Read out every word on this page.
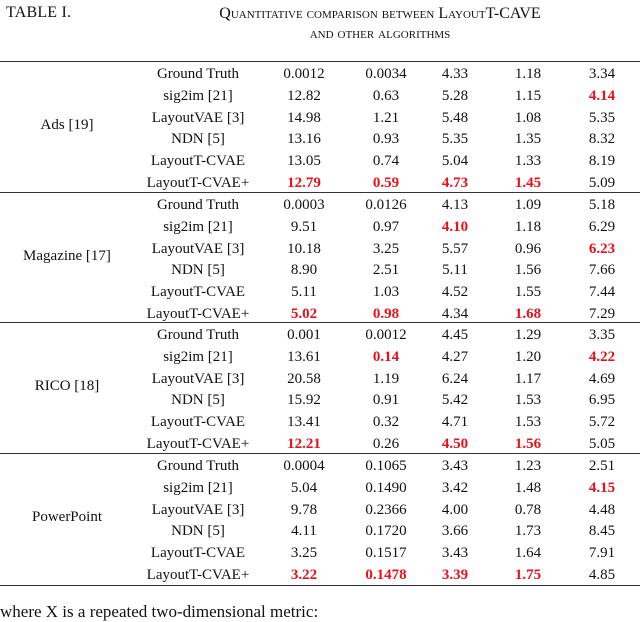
TABLE I.	Quantitative comparison between LayoutT-CAVE
and other algorithms
Ads [19]
Ground Truth	0.0012	0.0034	4.33	1.18	3.34
sig2im [21]	12.82	0.63	5.28	1.15	4.14
LayoutVAE [3]	14.98	1.21	5.48	1.08	5.35
NDN [5]	13.16	0.93	5.35	1.35	8.32
LayoutT-CVAE	13.05	0.74	5.04	1.33	8.19
LayoutT-CVAE+	12.79	0.59	4.73	1.45	5.09
Magazine [17]
Ground Truth	0.0003	0.0126	4.13	1.09	5.18
sig2im [21]	9.51	0.97	4.10	1.18	6.29
LayoutVAE [3]	10.18	3.25	5.57	0.96	6.23
NDN [5]	8.90	2.51	5.11	1.56	7.66
LayoutT-CVAE	5.11	1.03	4.52	1.55	7.44
LayoutT-CVAE+	5.02	0.98	4.34	1.68	7.29
RICO [18]
Ground Truth	0.001	0.0012	4.45	1.29	3.35
sig2im [21]	13.61	0.14	4.27	1.20	4.22
LayoutVAE [3]	20.58	1.19	6.24	1.17	4.69
NDN [5]	15.92	0.91	5.42	1.53	6.95
LayoutT-CVAE	13.41	0.32	4.71	1.53	5.72
LayoutT-CVAE+	12.21	0.26	4.50	1.56	5.05
PowerPoint
Ground Truth	0.0004	0.1065	3.43	1.23	2.51
sig2im [21]	5.04	0.1490	3.42	1.48	4.15
LayoutVAE [3]	9.78	0.2366	4.00	0.78	4.48
NDN [5]	4.11	0.1720	3.66	1.73	8.45
LayoutT-CVAE	3.25	0.1517	3.43	1.64	7.91
LayoutT-CVAE+	3.22	0.1478	3.39	1.75	4.85
where X is a repeated two-dimensional metric:
